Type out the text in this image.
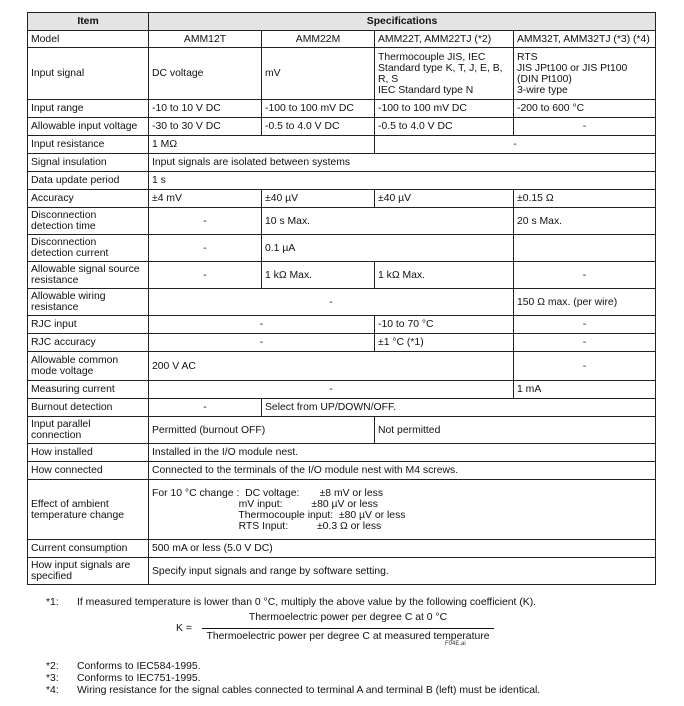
Item	Specifications			
Model	AMM12T	AMM22M	AMM22T, AMM22TJ (*2)	AMM32T, AMM32TJ (*3) (*4)
Input signal	DC voltage	mV	Thermocouple JIS, IEC
Standard type K, T, J, E, B,
R, S
IEC Standard type N	RTS
JIS JPt100 or JIS Pt100
(DIN Pt100)
3-wire type
Input range	-10 to 10 V DC	-100 to 100 mV DC	-100 to 100 mV DC	-200 to 600 °C
Allowable input voltage	-30 to 30 V DC	-0.5 to 4.0 V DC	-0.5 to 4.0 V DC	-
Input resistance	1 MΩ		-	
Signal insulation	Input signals are isolated between systems			
Data update period	1 s			
Accuracy	±4 mV	±40 µV	±40 µV	±0.15 Ω
Disconnection
detection time	-	10 s Max.		20 s Max.
Disconnection
detection current	-	0.1 µA		
Allowable signal source
resistance	-	1 kΩ Max.	1 kΩ Max.	-
Allowable wiring
resistance	-			150 Ω max. (per wire)
RJC input	-		-10 to 70 °C	-
RJC accuracy	-		±1 °C (*1)	-
Allowable common
mode voltage	200 V AC			-
Measuring current	-			1 mA
Burnout detection	-	Select from UP/DOWN/OFF.		
Input parallel
connection	Permitted (burnout OFF)		Not permitted	
How installed	Installed in the I/O module nest.			
How connected	Connected to the terminals of the I/O module nest with M4 screws.			
Effect of ambient
temperature change	For 10 °C change :  DC voltage:       ±8 mV or less
mV input:          ±80 µV or less
Thermocouple input:  ±80 µV or less
RTS Input:          ±0.3 Ω or less			
Current consumption	500 mA or less (5.0 V DC)			
How input signals are
specified	Specify input signals and range by software setting.			
*1: If measured temperature is lower than 0 °C, multiply the above value by the following coefficient (K).
K =
Thermoelectric power per degree C at 0 °C
Thermoelectric power per degree C at measured temperature
F04E.ai
*2: Conforms to IEC584-1995.
*3: Conforms to IEC751-1995.
*4: Wiring resistance for the signal cables connected to terminal A and terminal B (left) must be identical.
